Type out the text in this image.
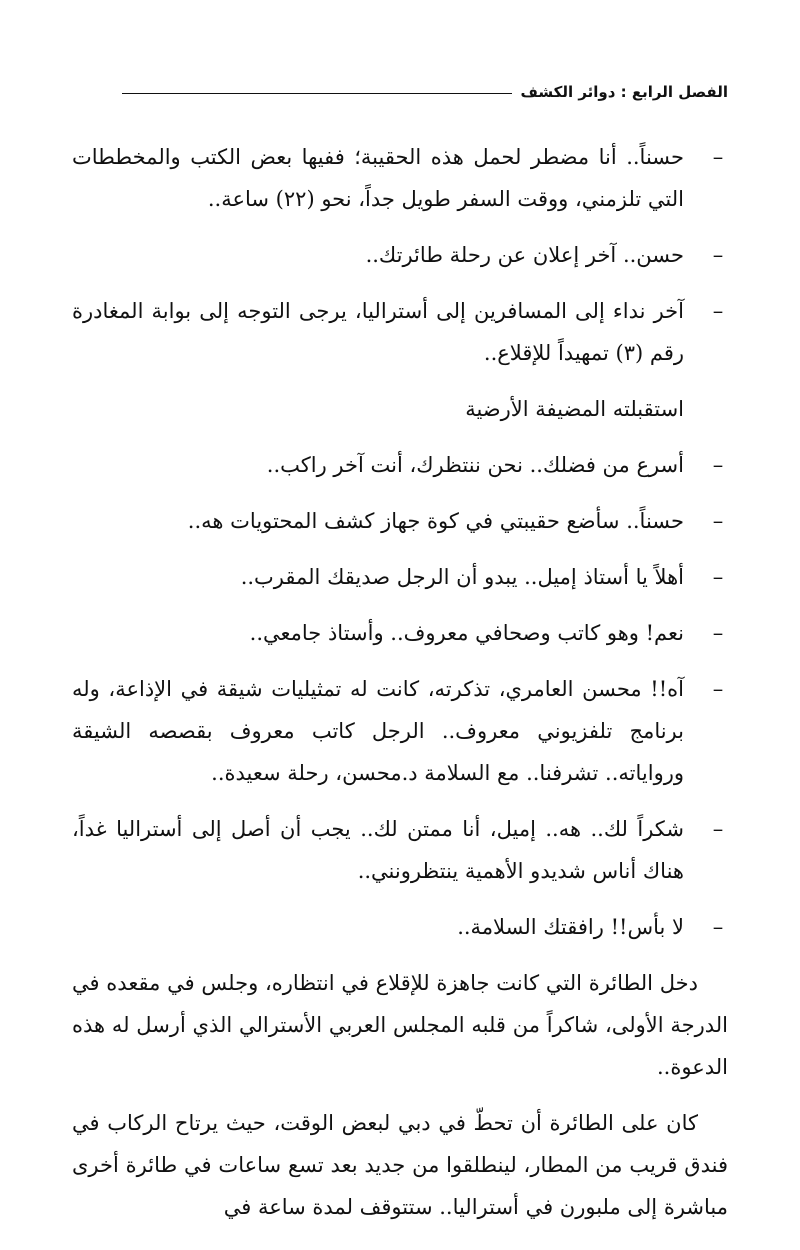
الفصل الرابع : دوائر الكشف
–
حسناً.. أنا مضطر لحمل هذه الحقيبة؛ ففيها بعض الكتب والمخططات التي تلزمني، ووقت السفر طويل جداً، نحو (٢٢) ساعة..
–
حسن.. آخر إعلان عن رحلة طائرتك..
–
آخر نداء إلى المسافرين إلى أستراليا، يرجى التوجه إلى بوابة المغادرة رقم (٣) تمهيداً للإقلاع..
استقبلته المضيفة الأرضية
–
أسرع من فضلك.. نحن ننتظرك، أنت آخر راكب..
–
حسناً.. سأضع حقيبتي في كوة جهاز كشف المحتويات هه..
–
أهلاً يا أستاذ إميل.. يبدو أن الرجل صديقك المقرب..
–
نعم! وهو كاتب وصحافي معروف.. وأستاذ جامعي..
–
آه!! محسن العامري، تذكرته، كانت له تمثيليات شيقة في الإذاعة، وله برنامج تلفزيوني معروف.. الرجل كاتب معروف بقصصه الشيقة ورواياته.. تشرفنا.. مع السلامة د.محسن، رحلة سعيدة..
–
شكراً لك.. هه.. إميل، أنا ممتن لك.. يجب أن أصل إلى أستراليا غداً، هناك أناس شديدو الأهمية ينتظرونني..
–
لا بأس!! رافقتك السلامة..
دخل الطائرة التي كانت جاهزة للإقلاع في انتظاره، وجلس في مقعده في الدرجة الأولى، شاكراً من قلبه المجلس العربي الأسترالي الذي أرسل له هذه الدعوة..
كان على الطائرة أن تحطّ في دبي لبعض الوقت، حيث يرتاح الركاب في فندق قريب من المطار، لينطلقوا من جديد بعد تسع ساعات في طائرة أخرى مباشرة إلى ملبورن في أستراليا.. ستتوقف لمدة ساعة في
